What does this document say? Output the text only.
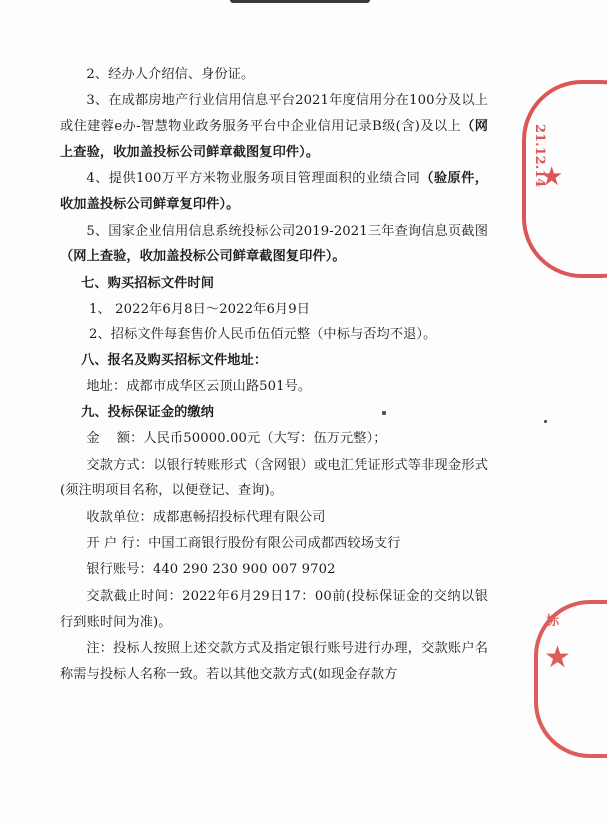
2、经办人介绍信、身份证。

3、在成都房地产行业信用信息平台2021年度信用分在100分及以上或住建蓉e办-智慧物业政务服务平台中企业信用记录B级(含)及以上（网上查验，收加盖投标公司鲜章截图复印件）。

4、提供100万平方米物业服务项目管理面积的业绩合同（验原件，收加盖投标公司鲜章复印件）。

5、国家企业信用信息系统投标公司2019-2021三年查询信息页截图（网上查验，收加盖投标公司鲜章截图复印件）。

七、购买招标文件时间

1、 2022年6月8日～2022年6月9日

2、招标文件每套售价人民币伍佰元整（中标与否均不退）。

八、报名及购买招标文件地址：

地址：成都市成华区云顶山路501号。

九、投标保证金的缴纳

金    额：人民币50000.00元（大写：伍万元整）；

交款方式：以银行转账形式（含网银）或电汇凭证形式等非现金形式(须注明项目名称，以便登记、查询)。

收款单位：成都惠畅招投标代理有限公司

开 户 行：中国工商银行股份有限公司成都西较场支行

银行账号：440 290 230 900 007 9702

交款截止时间：2022年6月29日17：00前(投标保证金的交纳以银行到账时间为准)。

注：投标人按照上述交款方式及指定银行账号进行办理，交款账户名称需与投标人名称一致。若以其他交款方式(如现金存款方

21.12.14
★
标
★
